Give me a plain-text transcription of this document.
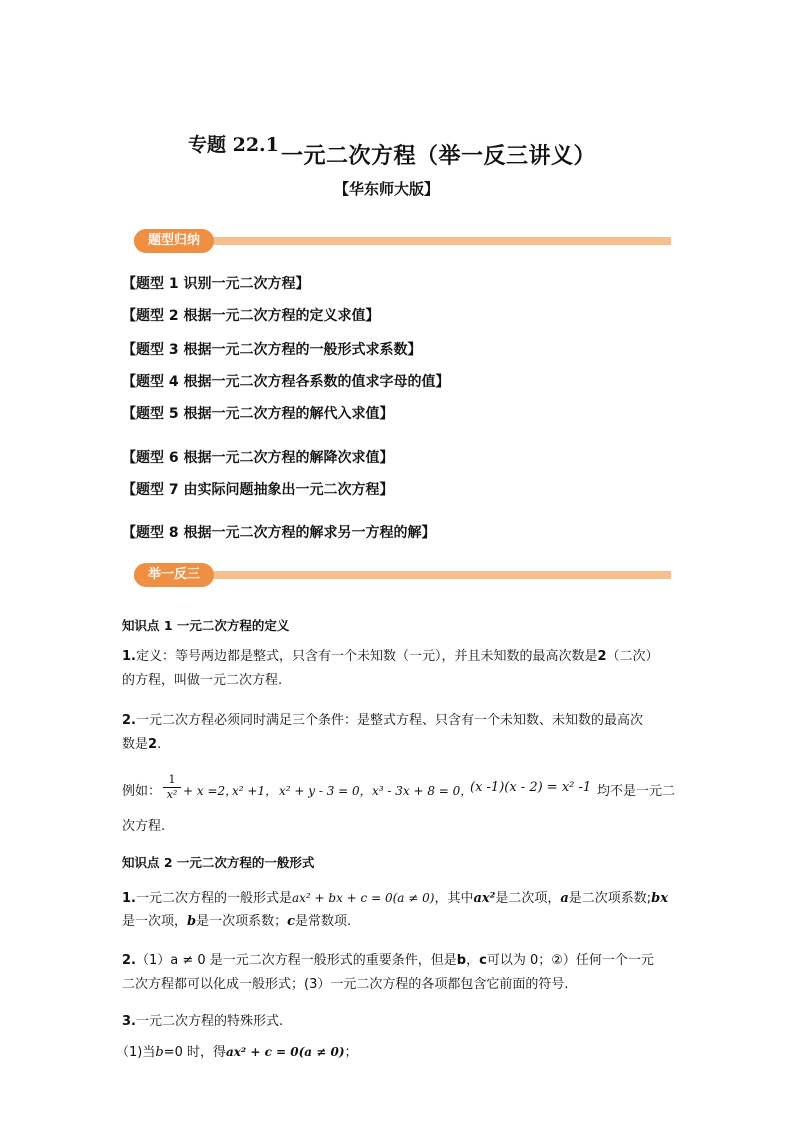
专题 22.1 一元二次方程（举一反三讲义）
【华东师大版】
题型归纳
【题型 1 识别一元二次方程】
【题型 2 根据一元二次方程的定义求值】
【题型 3 根据一元二次方程的一般形式求系数】
【题型 4 根据一元二次方程各系数的值求字母的值】
【题型 5 根据一元二次方程的解代入求值】
【题型 6 根据一元二次方程的解降次求值】
【题型 7 由实际问题抽象出一元二次方程】
【题型 8 根据一元二次方程的解求另一方程的解】
举一反三
知识点 1 一元二次方程的定义
1.定义：等号两边都是整式，只含有一个未知数（一元），并且未知数的最高次数是2（二次）
的方程，叫做一元二次方程.
2.一元二次方程必须同时满足三个条件：是整式方程、只含有一个未知数、未知数的最高次
数是2.
例如： $\frac{1}{\text{x²}} + x =2$，
x² +1， x² + y - 3 = 0， x³ - 3x + 8 = 0，
(x -1)(x - 2) = x² -1 均不是一元二
次方程.
知识点 2 一元二次方程的一般形式
1.一元二次方程的一般形式是ax² + bx + c = 0(a ≠ 0)，其中ax²是二次项，a是二次项系数;bx
是一次项，b是一次项系数；c是常数项.
2.（1）a ≠ 0 是一元二次方程一般形式的重要条件，但是b，c可以为 0；②）任何一个一元
二次方程都可以化成一般形式；(3）一元二次方程的各项都包含它前面的符号.
3.一元二次方程的特殊形式.
（1)当b=0 时，得ax² + c = 0(a ≠ 0)；
